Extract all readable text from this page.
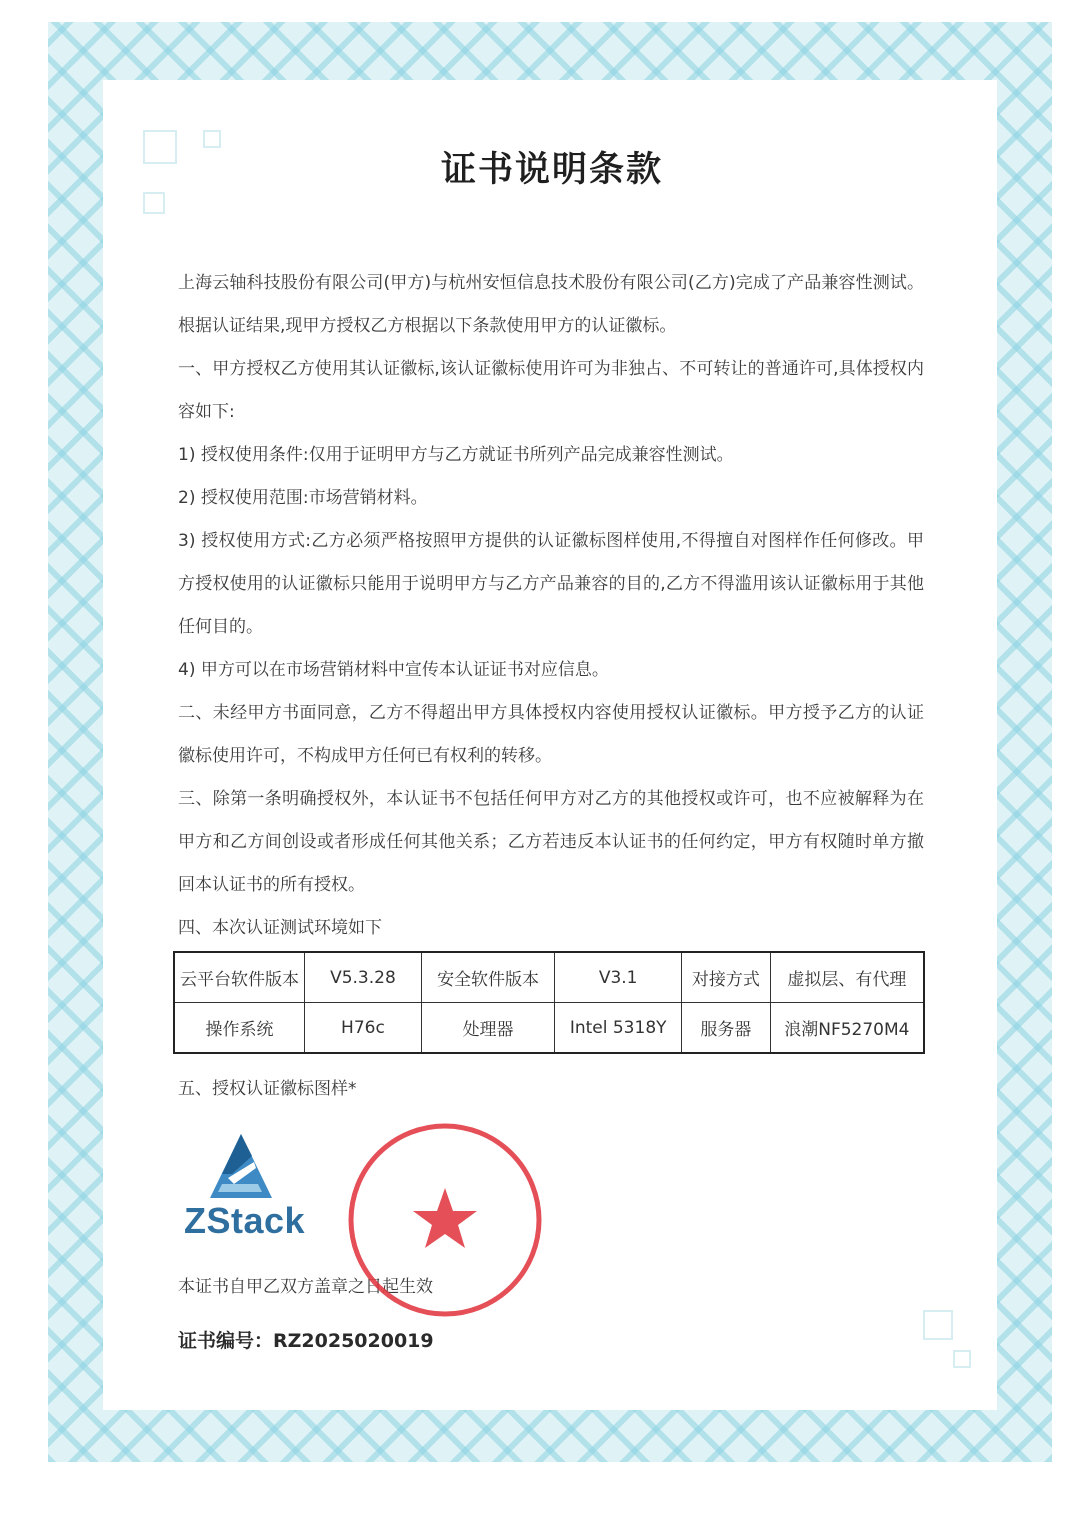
证书说明条款

上海云轴科技股份有限公司(甲方)与杭州安恒信息技术股份有限公司(乙方)完成了产品兼容性测试。根据认证结果,现甲方授权乙方根据以下条款使用甲方的认证徽标。

一、甲方授权乙方使用其认证徽标,该认证徽标使用许可为非独占、不可转让的普通许可,具体授权内容如下:

1) 授权使用条件:仅用于证明甲方与乙方就证书所列产品完成兼容性测试。

2) 授权使用范围:市场营销材料。

3) 授权使用方式:乙方必须严格按照甲方提供的认证徽标图样使用,不得擅自对图样作任何修改。甲方授权使用的认证徽标只能用于说明甲方与乙方产品兼容的目的,乙方不得滥用该认证徽标用于其他任何目的。

4) 甲方可以在市场营销材料中宣传本认证证书对应信息。

二、未经甲方书面同意，乙方不得超出甲方具体授权内容使用授权认证徽标。甲方授予乙方的认证徽标使用许可，不构成甲方任何已有权利的转移。

三、除第一条明确授权外，本认证书不包括任何甲方对乙方的其他授权或许可，也不应被解释为在甲方和乙方间创设或者形成任何其他关系；乙方若违反本认证书的任何约定，甲方有权随时单方撤回本认证书的所有授权。

四、本次认证测试环境如下

云平台软件版本	V5.3.28	安全软件版本	V3.1	对接方式	虚拟层、有代理
操作系统	H76c	处理器	Intel 5318Y	服务器	浪潮NF5270M4
五、授权认证徽标图样*
ZStack
本证书自甲乙双方盖章之日起生效
证书编号：RZ2025020019
